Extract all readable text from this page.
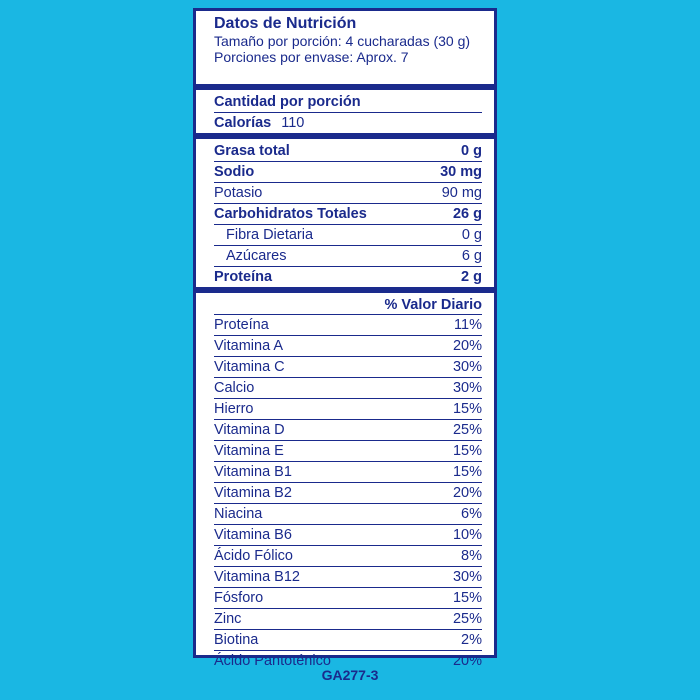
Datos de Nutrición
Tamaño por porción: 4 cucharadas (30 g)
Porciones por envase: Aprox. 7
Cantidad por porción
Calorías 110
Grasa total	0 g
Sodio	30 mg
Potasio	90 mg
Carbohidratos Totales	26 g
Fibra Dietaria	0 g
Azúcares	6 g
Proteína	2 g
% Valor Diario
Proteína	11%
Vitamina A	20%
Vitamina C	30%
Calcio	30%
Hierro	15%
Vitamina D	25%
Vitamina E	15%
Vitamina B1	15%
Vitamina B2	20%
Niacina	6%
Vitamina B6	10%
Ácido Fólico	8%
Vitamina B12	30%
Fósforo	15%
Zinc	25%
Biotina	2%
Ácido Pantoténico	20%
GA277-3
